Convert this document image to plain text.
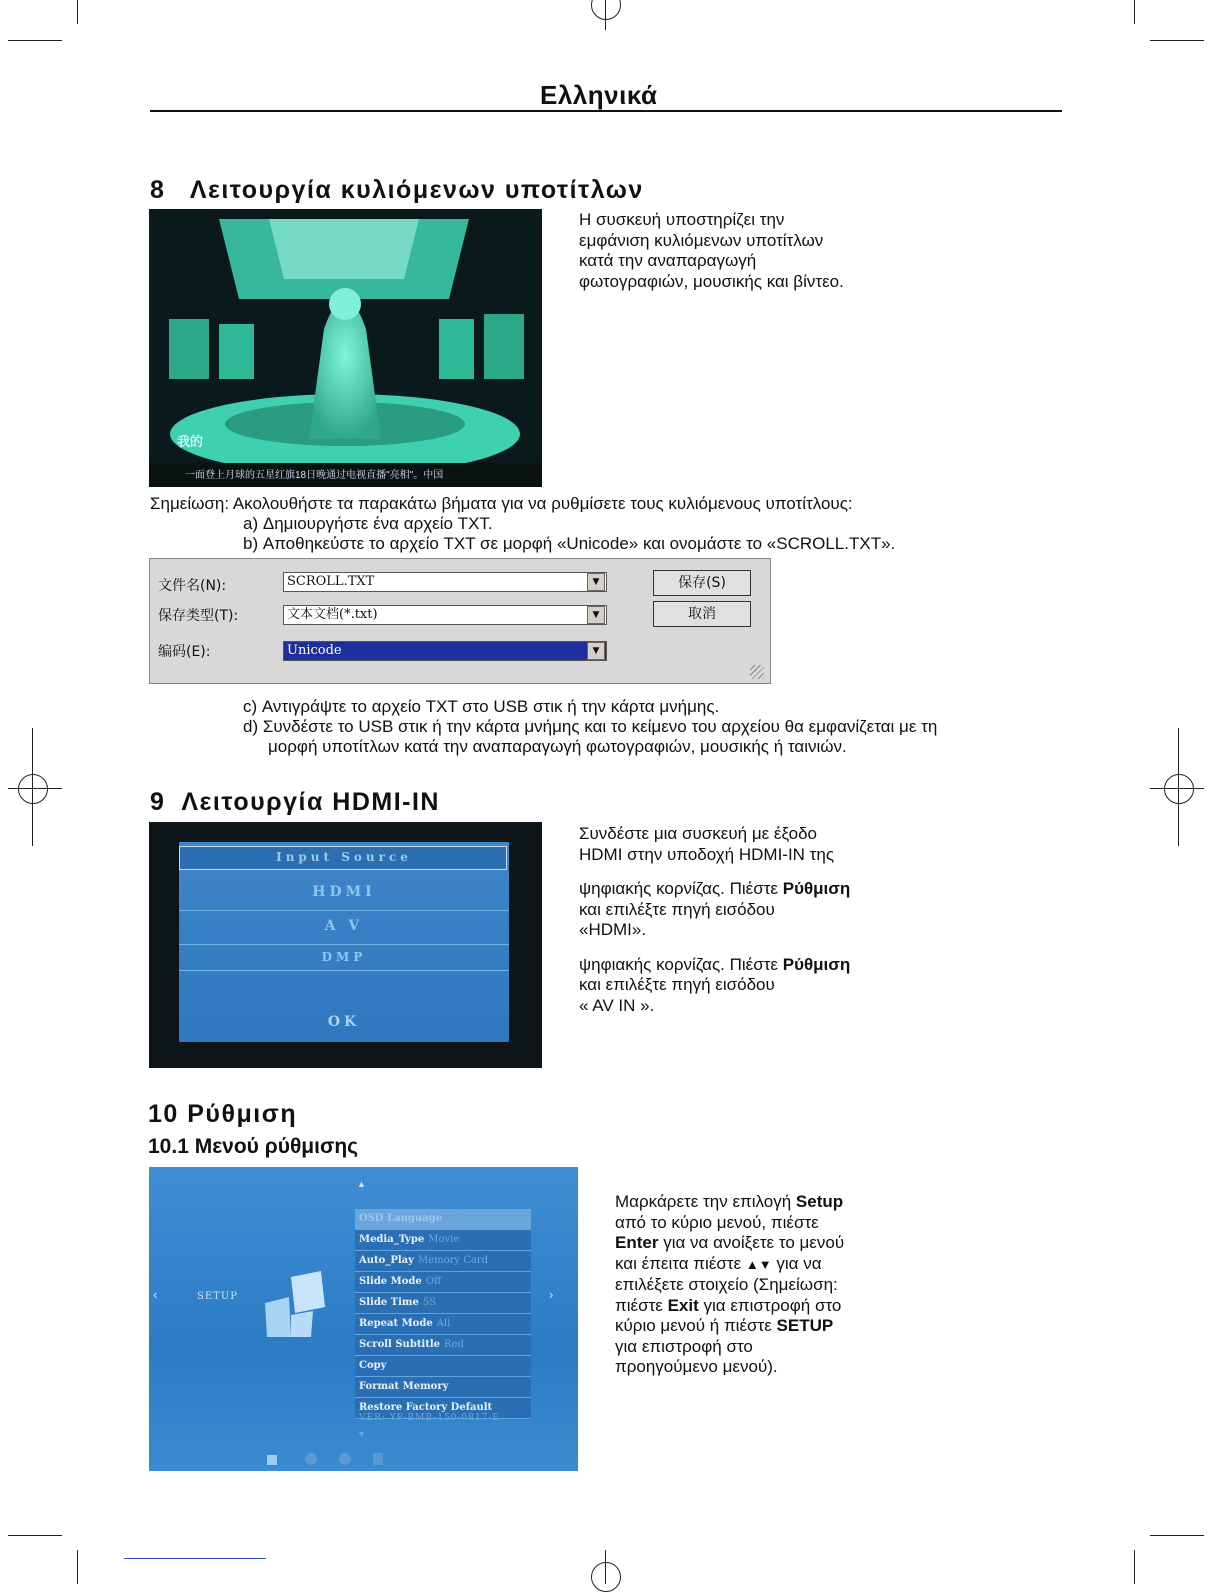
Ελληνικά
8   Λειτουργία κυλιόμενων υποτίτλων
我的
一面登上月球的五星红旗18日晚通过电视直播"亮相"。中国
Η συσκευή υποστηρίζει την
εμφάνιση κυλιόμενων υποτίτλων
κατά την αναπαραγωγή
φωτογραφιών, μουσικής και βίντεο.
Σημείωση: Ακολουθήστε τα παρακάτω βήματα για να ρυθμίσετε τους κυλιόμενους υποτίτλους:
a) Δημιουργήστε ένα αρχείο TXT.
b) Αποθηκεύστε το αρχείο TXT σε μορφή «Unicode» και ονομάστε το «SCROLL.TXT».
文件名(N):	SCROLL.TXT	▼
保存类型(T):	文本文档(*.txt)	▼
编码(E):	Unicode	▼
保存(S)
取消
c) Αντιγράψτε το αρχείο TXT στο USB στικ ή την κάρτα μνήμης.
d) Συνδέστε το USB στικ ή την κάρτα μνήμης και το κείμενο του αρχείου θα εμφανίζεται με τη
μορφή υποτίτλων κατά την αναπαραγωγή φωτογραφιών, μουσικής ή ταινιών.
9  Λειτουργία HDMI-IN
Input Source
HDMI
A V
DMP
OK
Συνδέστε μια συσκευή με έξοδο
HDMI στην υποδοχή HDMI-IN της
ψηφιακής κορνίζας. Πιέστε Ρύθμιση
και επιλέξτε πηγή εισόδου
«HDMI».
ψηφιακής κορνίζας. Πιέστε Ρύθμιση
και επιλέξτε πηγή εισόδου
« AV IN ».
10 Ρύθμιση
10.1 Μενού ρύθμισης
▲
‹	›
SETUP
OSD Language English
Media_Type Movie
Auto_Play Memory Card
Slide Mode Off
Slide Time 5S
Repeat Mode All
Scroll Subtitle Red
Copy
Format Memory
Restore Factory Default
VER: YF-BMB-150-0817-E
▼
Μαρκάρετε την επιλογή Setup
από το κύριο μενού, πιέστε
Enter για να ανοίξετε το μενού
και έπειτα πιέστε ▲▼ για να
επιλέξετε στοιχείο (Σημείωση:
πιέστε Exit για επιστροφή στο
κύριο μενού ή πιέστε SETUP
για επιστροφή στο
προηγούμενο μενού).
